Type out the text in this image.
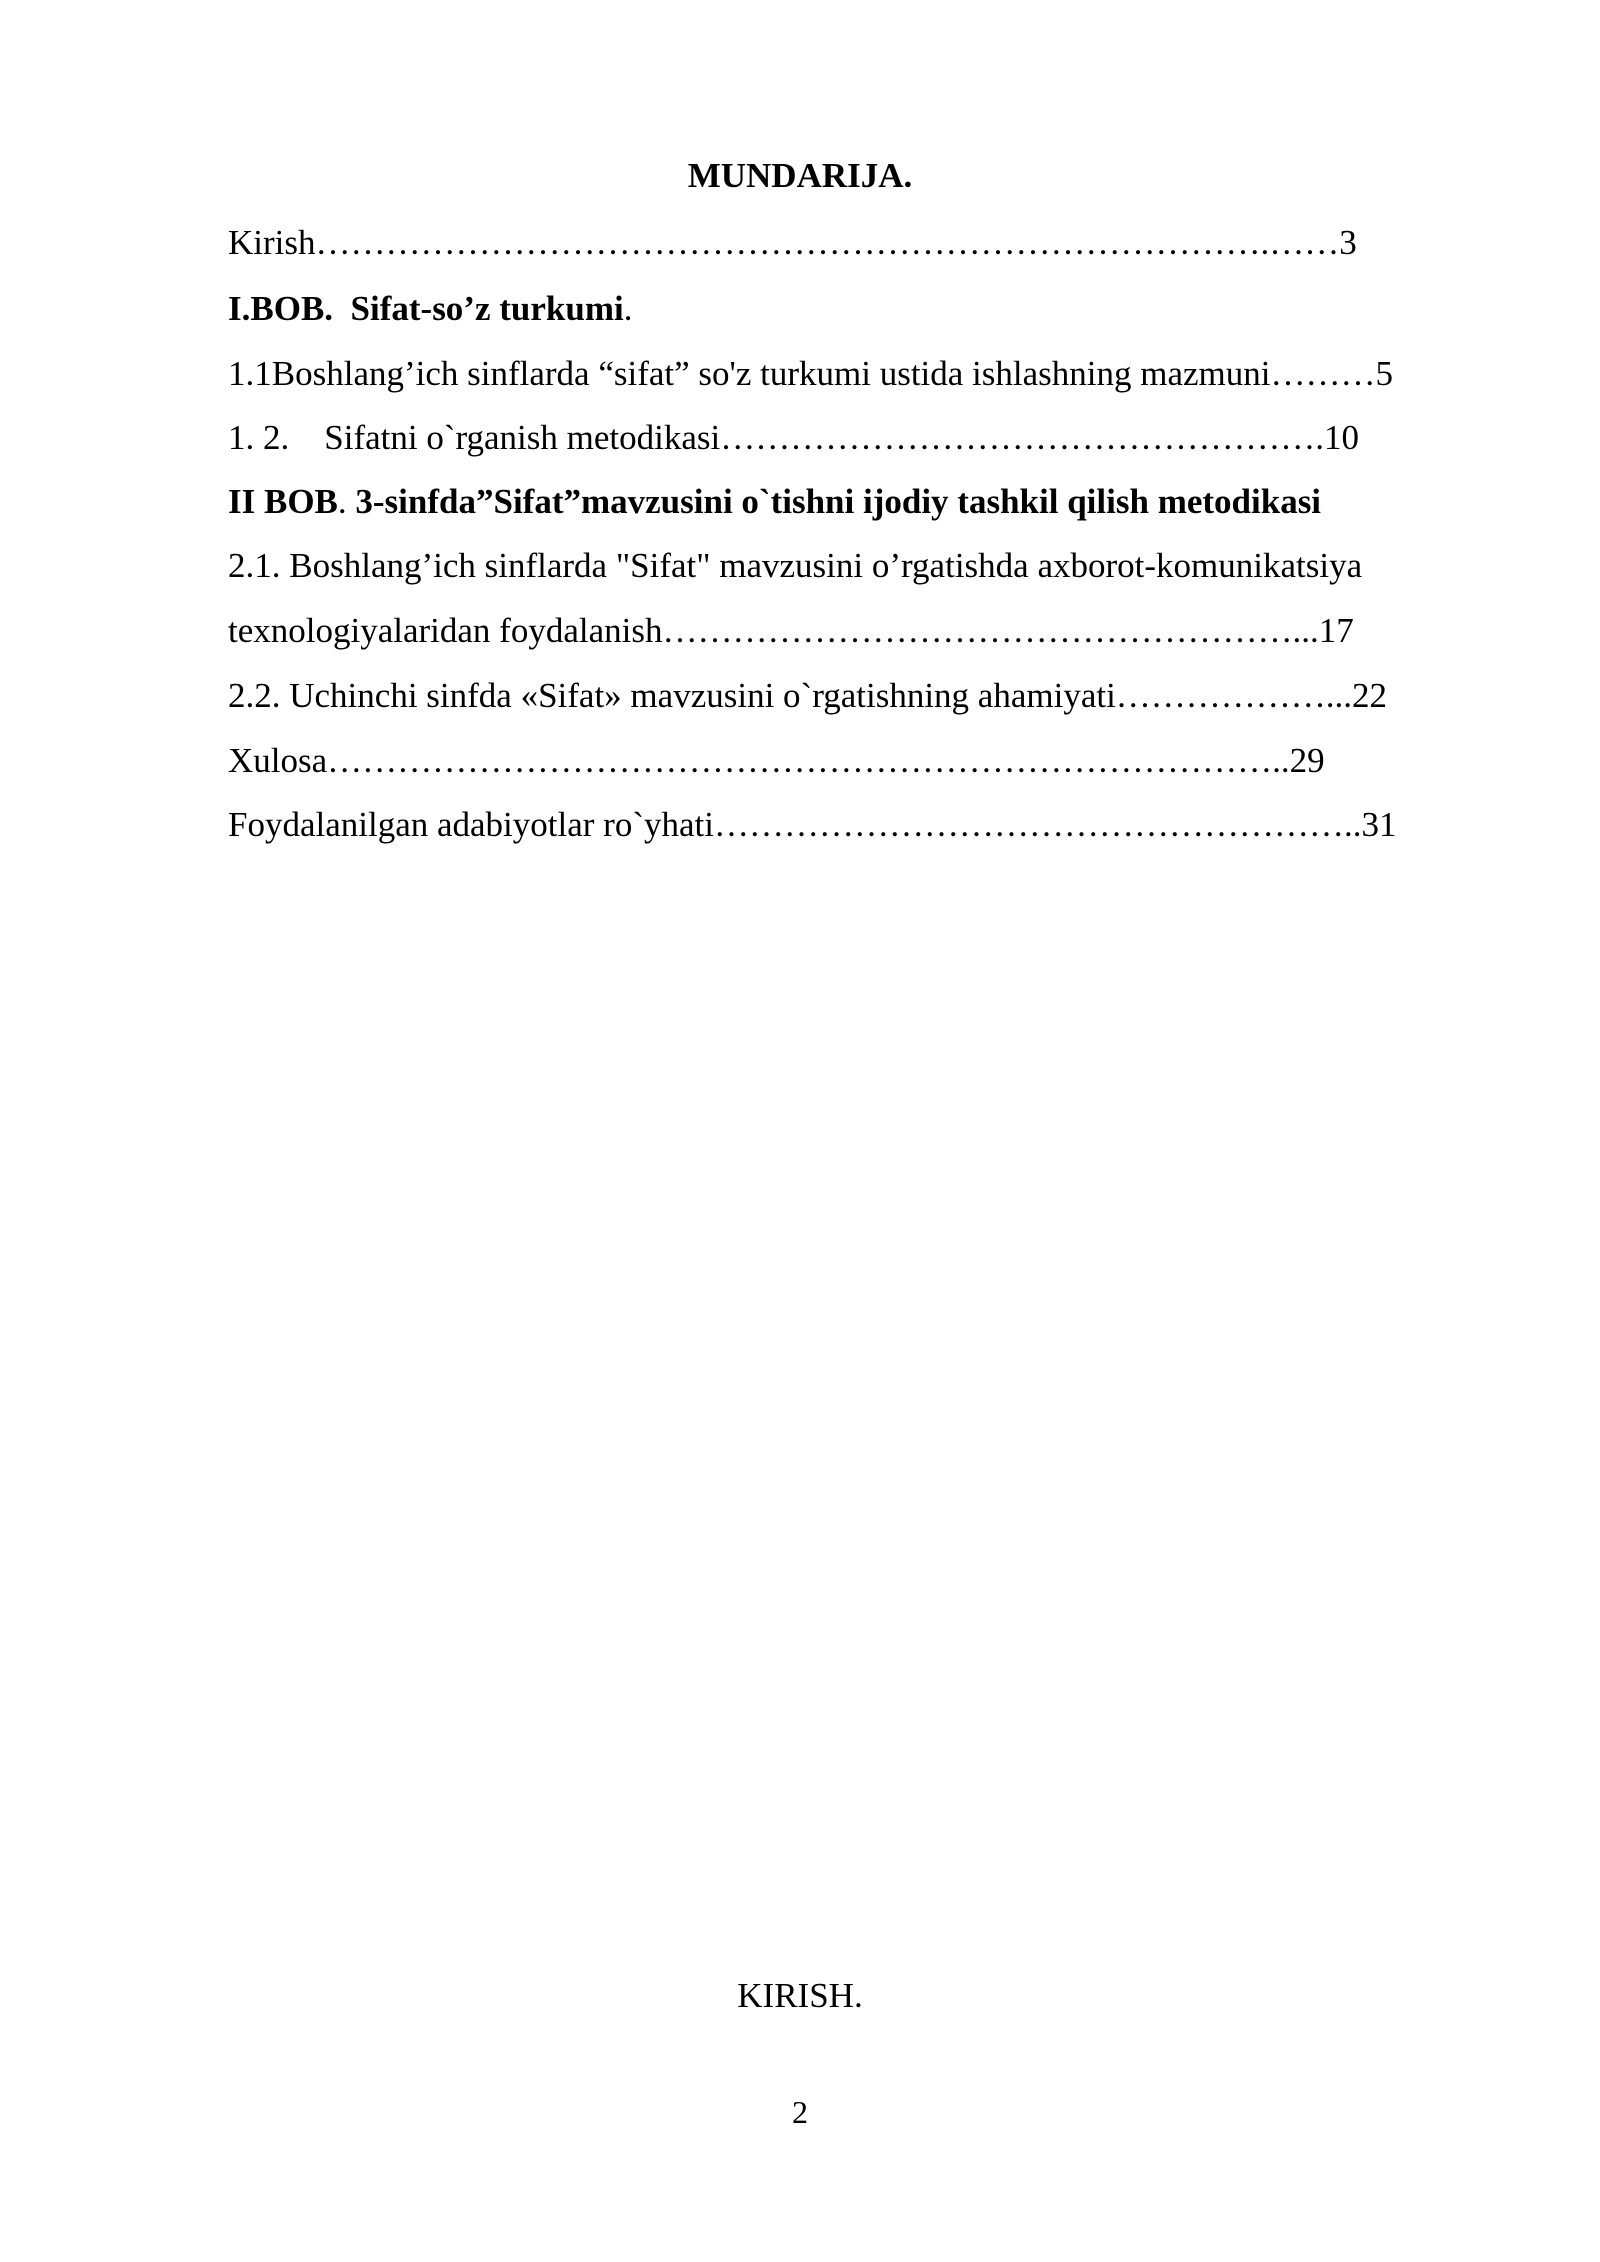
MUNDARIJA.
Kirish……………………………………………………………………….……3
I.BOB.  Sifat-so’z turkumi.
1.1Boshlang’ich sinflarda “sifat” so'z turkumi ustida ishlashning mazmuni………5
1. 2.    Sifatni o`rganish metodikasi…………………………………………….10
II BOB. 3-sinfda”Sifat”mavzusini o`tishni ijodiy tashkil qilish metodikasi
2.1. Boshlang’ich sinflarda "Sifat" mavzusini o’rgatishda axborot-komunikatsiya
texnologiyalaridan foydalanish………………………………………………...17
2.2. Uchinchi sinfda «Sifat» mavzusini o`rgatishning ahamiyati………………...22
Xulosa………………………………………………………………………..29
Foydalanilgan adabiyotlar ro`yhati………………………………………………..31
KIRISH.
2
